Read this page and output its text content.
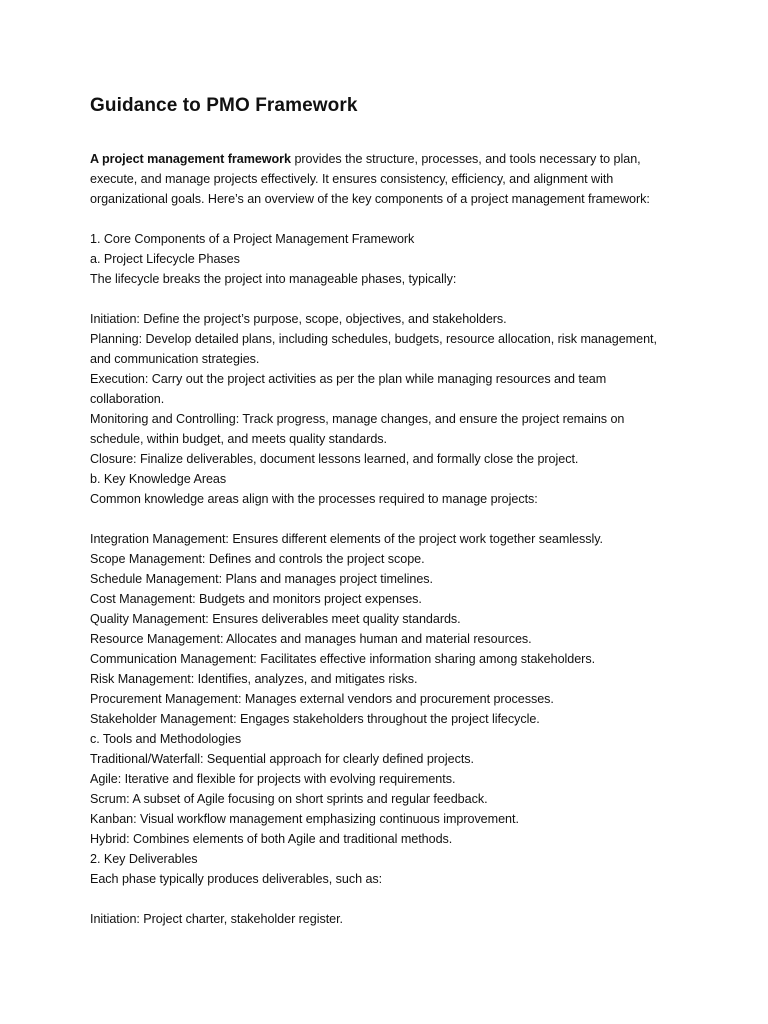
Guidance to PMO Framework
A project management framework provides the structure, processes, and tools necessary to plan,
execute, and manage projects effectively. It ensures consistency, efficiency, and alignment with
organizational goals. Here’s an overview of the key components of a project management framework:
1. Core Components of a Project Management Framework
a. Project Lifecycle Phases
The lifecycle breaks the project into manageable phases, typically:
Initiation: Define the project’s purpose, scope, objectives, and stakeholders.
Planning: Develop detailed plans, including schedules, budgets, resource allocation, risk management,
and communication strategies.
Execution: Carry out the project activities as per the plan while managing resources and team
collaboration.
Monitoring and Controlling: Track progress, manage changes, and ensure the project remains on
schedule, within budget, and meets quality standards.
Closure: Finalize deliverables, document lessons learned, and formally close the project.
b. Key Knowledge Areas
Common knowledge areas align with the processes required to manage projects:
Integration Management: Ensures different elements of the project work together seamlessly.
Scope Management: Defines and controls the project scope.
Schedule Management: Plans and manages project timelines.
Cost Management: Budgets and monitors project expenses.
Quality Management: Ensures deliverables meet quality standards.
Resource Management: Allocates and manages human and material resources.
Communication Management: Facilitates effective information sharing among stakeholders.
Risk Management: Identifies, analyzes, and mitigates risks.
Procurement Management: Manages external vendors and procurement processes.
Stakeholder Management: Engages stakeholders throughout the project lifecycle.
c. Tools and Methodologies
Traditional/Waterfall: Sequential approach for clearly defined projects.
Agile: Iterative and flexible for projects with evolving requirements.
Scrum: A subset of Agile focusing on short sprints and regular feedback.
Kanban: Visual workflow management emphasizing continuous improvement.
Hybrid: Combines elements of both Agile and traditional methods.
2. Key Deliverables
Each phase typically produces deliverables, such as:
Initiation: Project charter, stakeholder register.
